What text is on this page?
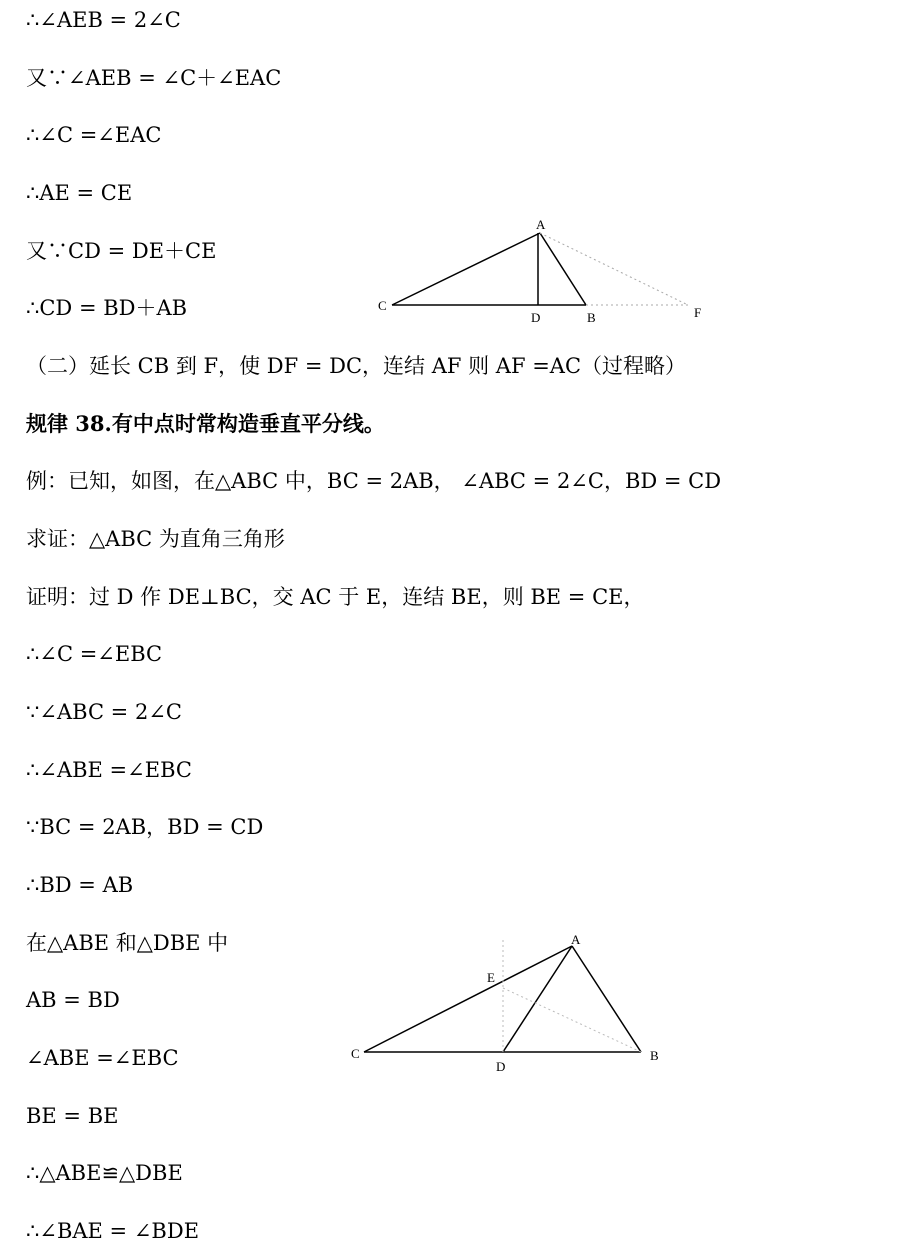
∴∠AEB = 2∠C
又∵∠AEB = ∠C＋∠EAC
∴∠C =∠EAC
∴AE = CE
又∵CD = DE＋CE
∴CD = BD＋AB
（二）延长 CB 到 F，使 DF = DC，连结 AF 则 AF =AC（过程略）
规律 38.有中点时常构造垂直平分线。
例：已知，如图，在△ABC 中，BC = 2AB， ∠ABC = 2∠C，BD = CD
求证：△ABC 为直角三角形
证明：过 D 作 DE⊥BC，交 AC 于 E，连结 BE，则 BE = CE，
∴∠C =∠EBC
∵∠ABC = 2∠C
∴∠ABE =∠EBC
∵BC = 2AB，BD = CD
∴BD = AB
在△ABE 和△DBE 中
AB = BD
∠ABE =∠EBC
BE = BE
∴△ABE≌△DBE
∴∠BAE = ∠BDE
A
C
D	B	F
A
E
C
D
B
